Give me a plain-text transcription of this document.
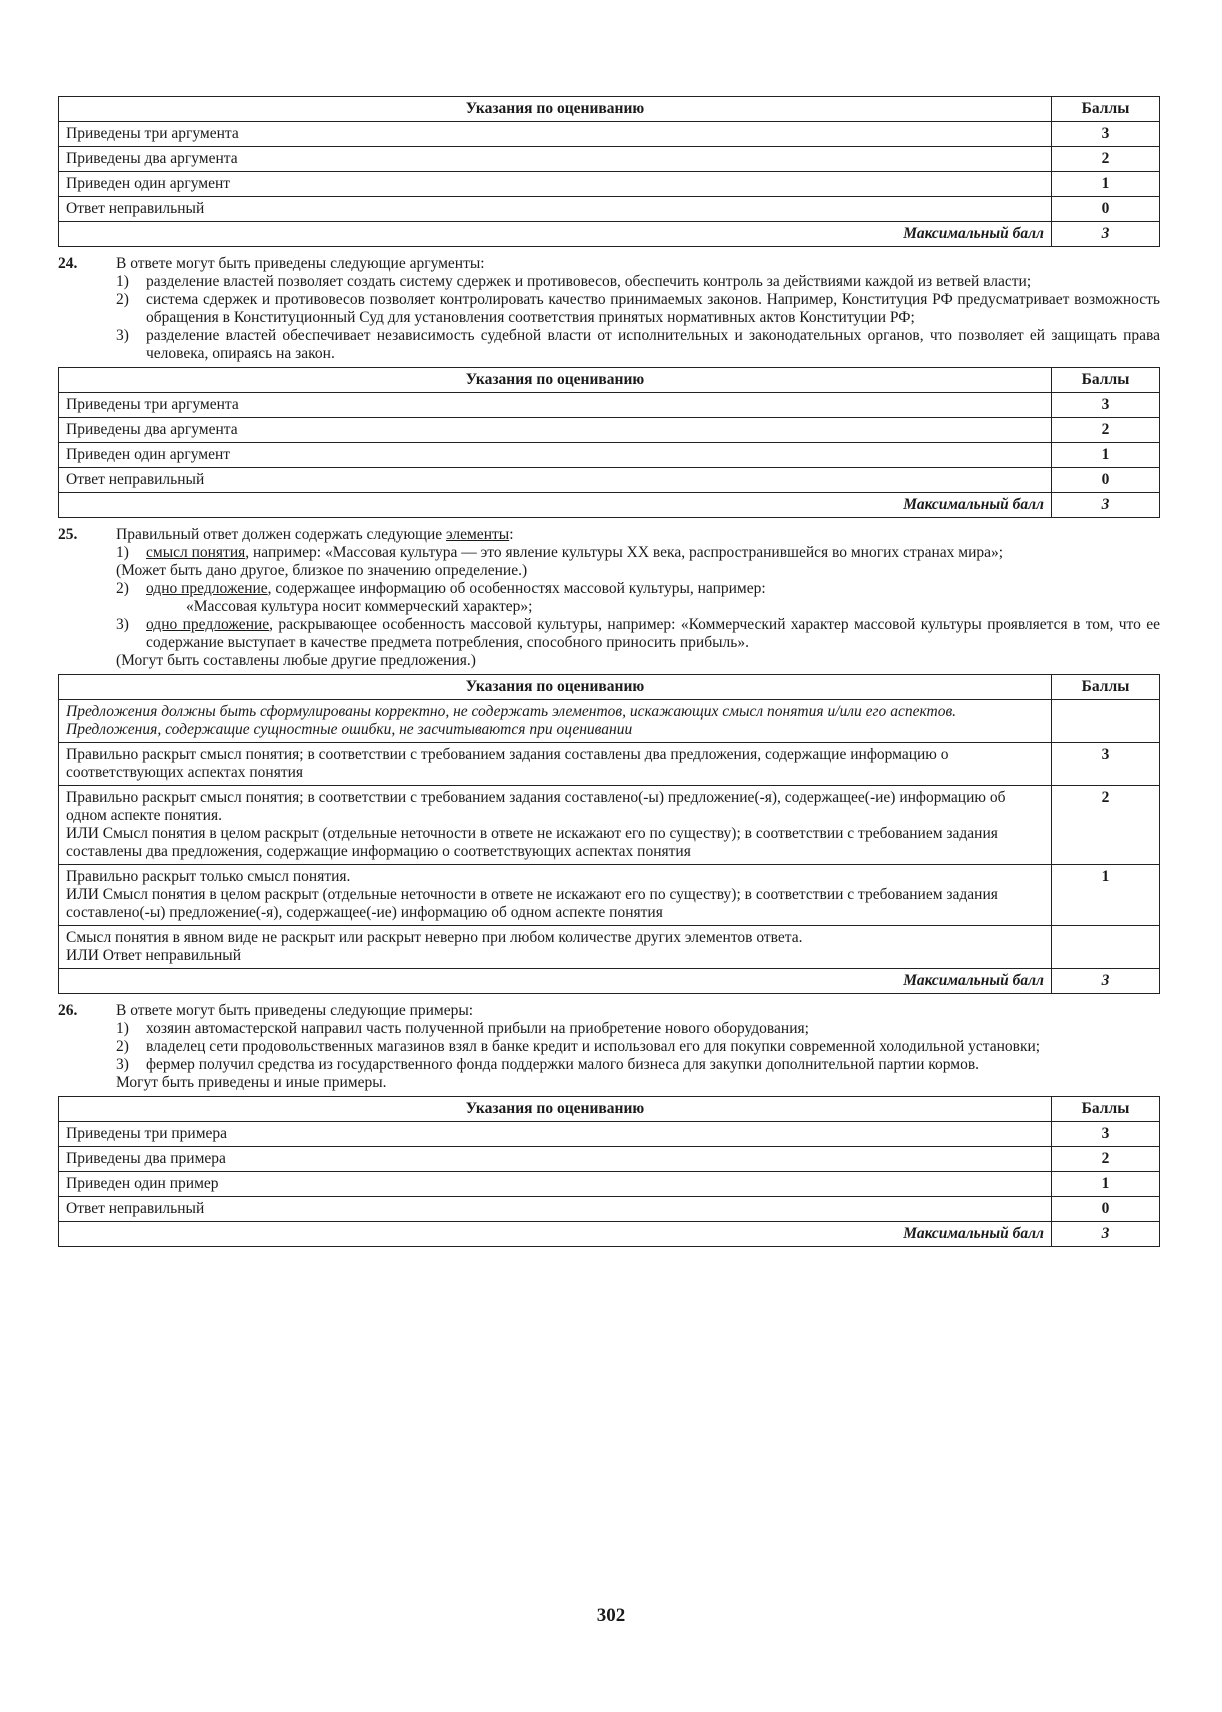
Указания по оцениванию	Баллы
Приведены три аргумента	3
Приведены два аргумента	2
Приведен один аргумент	1
Ответ неправильный	0
Максимальный балл	3
24.	В ответе могут быть приведены следующие аргументы:
1)	разделение властей позволяет создать систему сдержек и противовесов, обеспечить контроль за действиями каждой из ветвей власти;
2)	система сдержек и противовесов позволяет контролировать качество принимаемых законов. Например, Конституция РФ предусматривает возможность обращения в Конституционный Суд для установления соответствия принятых нормативных актов Конституции РФ;
3)	разделение властей обеспечивает независимость судебной власти от исполнительных и законодательных органов, что позволяет ей защищать права человека, опираясь на закон.
Указания по оцениванию	Баллы
Приведены три аргумента	3
Приведены два аргумента	2
Приведен один аргумент	1
Ответ неправильный	0
Максимальный балл	3
25.	Правильный ответ должен содержать следующие элементы:
1)	смысл понятия, например: «Массовая культура — это явление культуры XX века, распространившейся во многих странах мира»;
(Может быть дано другое, близкое по значению определение.)
2)	одно предложение, содержащее информацию об особенностях массовой культуры, например:
«Массовая культура носит коммерческий характер»;
3)	одно предложение, раскрывающее особенность массовой культуры, например: «Коммерческий характер массовой культуры проявляется в том, что ее содержание выступает в качестве предмета потребления, способного приносить прибыль».
(Могут быть составлены любые другие предложения.)
Указания по оцениванию	Баллы

Предложения должны быть сформулированы корректно, не содержать элементов, искажающих смысл понятия и/или его аспектов.
Предложения, содержащие сущностные ошибки, не засчитываются при оценивании	

Правильно раскрыт смысл понятия; в соответствии с требованием задания составлены два предложения, содержащие информацию о соответствующих аспектах понятия	3

Правильно раскрыт смысл понятия; в соответствии с требованием задания составлено(-ы) предложение(-я), содержащее(-ие) информацию об одном аспекте понятия.
ИЛИ Смысл понятия в целом раскрыт (отдельные неточности в ответе не искажают его по существу); в соответствии с требованием задания составлены два предложения, содержащие информацию о соответствующих аспектах понятия	2

Правильно раскрыт только смысл понятия.
ИЛИ Смысл понятия в целом раскрыт (отдельные неточности в ответе не искажают его по существу); в соответствии с требованием задания составлено(-ы) предложение(-я), содержащее(-ие) информацию об одном аспекте понятия	1

Смысл понятия в явном виде не раскрыт или раскрыт неверно при любом количестве других элементов ответа.
ИЛИ Ответ неправильный	

Максимальный балл	3
26.	В ответе могут быть приведены следующие примеры:
1)	хозяин автомастерской направил часть полученной прибыли на приобретение нового оборудования;
2)	владелец сети продовольственных магазинов взял в банке кредит и использовал его для покупки современной холодильной установки;
3)	фермер получил средства из государственного фонда поддержки малого бизнеса для закупки дополнительной партии кормов.
Могут быть приведены и иные примеры.
Указания по оцениванию	Баллы
Приведены три примера	3
Приведены два примера	2
Приведен один пример	1
Ответ неправильный	0
Максимальный балл	3
302
